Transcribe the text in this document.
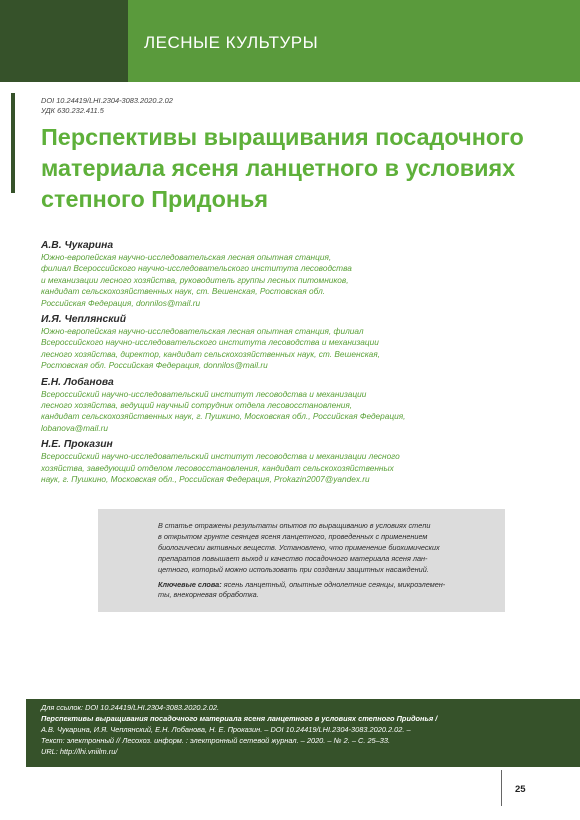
ЛЕСНЫЕ КУЛЬТУРЫ
DOI 10.24419/LHI.2304-3083.2020.2.02
УДК 630.232.411.5
Перспективы выращивания посадочного
материала ясеня ланцетного в условиях
степного Придонья
А.В. Чукарина
Южно-европейская научно-исследовательская лесная опытная станция,
филиал Всероссийского научно-исследовательского института лесоводства
и механизации лесного хозяйства, руководитель группы лесных питомников,
кандидат сельскохозяйственных наук, ст. Вешенская, Ростовская обл.
Российская Федерация, donnilos@mail.ru
И.Я. Чеплянский
Южно-европейская научно-исследовательская лесная опытная станция, филиал
Всероссийского научно-исследовательского института лесоводства и механизации
лесного хозяйства, директор, кандидат сельскохозяйственных наук, ст. Вешенская,
Ростовская обл. Российская Федерация, donnilos@mail.ru
Е.Н. Лобанова
Всероссийский научно-исследовательский институт лесоводства и механизации
лесного хозяйства, ведущий научный сотрудник отдела лесовосстановления,
кандидат сельскохозяйственных наук, г. Пушкино, Московская обл., Российская Федерация,
lobanova@mail.ru
Н.Е. Проказин
Всероссийский научно-исследовательский институт лесоводства и механизации лесного
хозяйства, заведующий отделом лесовосстановления, кандидат сельскохозяйственных
наук, г. Пушкино, Московская обл., Российская Федерация, Prokazin2007@yandex.ru
В статье отражены результаты опытов по выращиванию в условиях степи
в открытом грунте сеянцев ясеня ланцетного, проведенных с применением
биологически активных веществ. Установлено, что применение биохимических
препаратов повышает выход и качество посадочного материала ясеня лан-
цетного, который можно использовать при создании защитных насаждений.
Ключевые слова: ясень ланцетный, опытные однолетние сеянцы, микроэлемен-
ты, внекорневая обработка.
Для ссылок: DOI 10.24419/LHI.2304-3083.2020.2.02.
Перспективы выращивания посадочного материала ясеня ланцетного в условиях степного Придонья /
А.В. Чукарина, И.Я. Чеплянский, Е.Н. Лобанова, Н. Е. Проказин. – DOI 10.24419/LHI.2304-3083.2020.2.02. –
Текст: электронный // Лесохоз. информ. : электронный сетевой журнал. – 2020. – № 2. – С. 25–33.
URL: http://lhi.vniilm.ru/
25
